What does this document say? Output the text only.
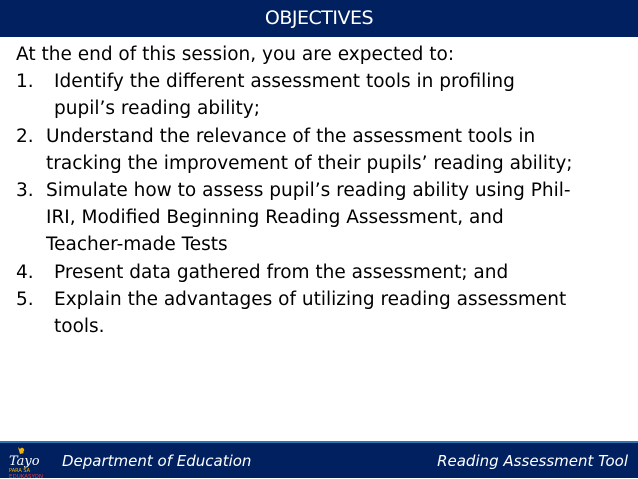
OBJECTIVES

At the end of this session, you are expected to:

1.	Identify the different assessment tools in profiling
pupil’s reading ability;
2. Understand the relevance of the assessment tools in
tracking the improvement of their pupils’ reading ability;
3. Simulate how to assess pupil’s reading ability using Phil-
IRI, Modified Beginning Reading Assessment, and
Teacher-made Tests
4.	Present data gathered from the assessment; and
5.	Explain the advantages of utilizing reading assessment
tools.
Tayo
PARA SA
EDUKASYON
Department of Education	Reading Assessment Tool
